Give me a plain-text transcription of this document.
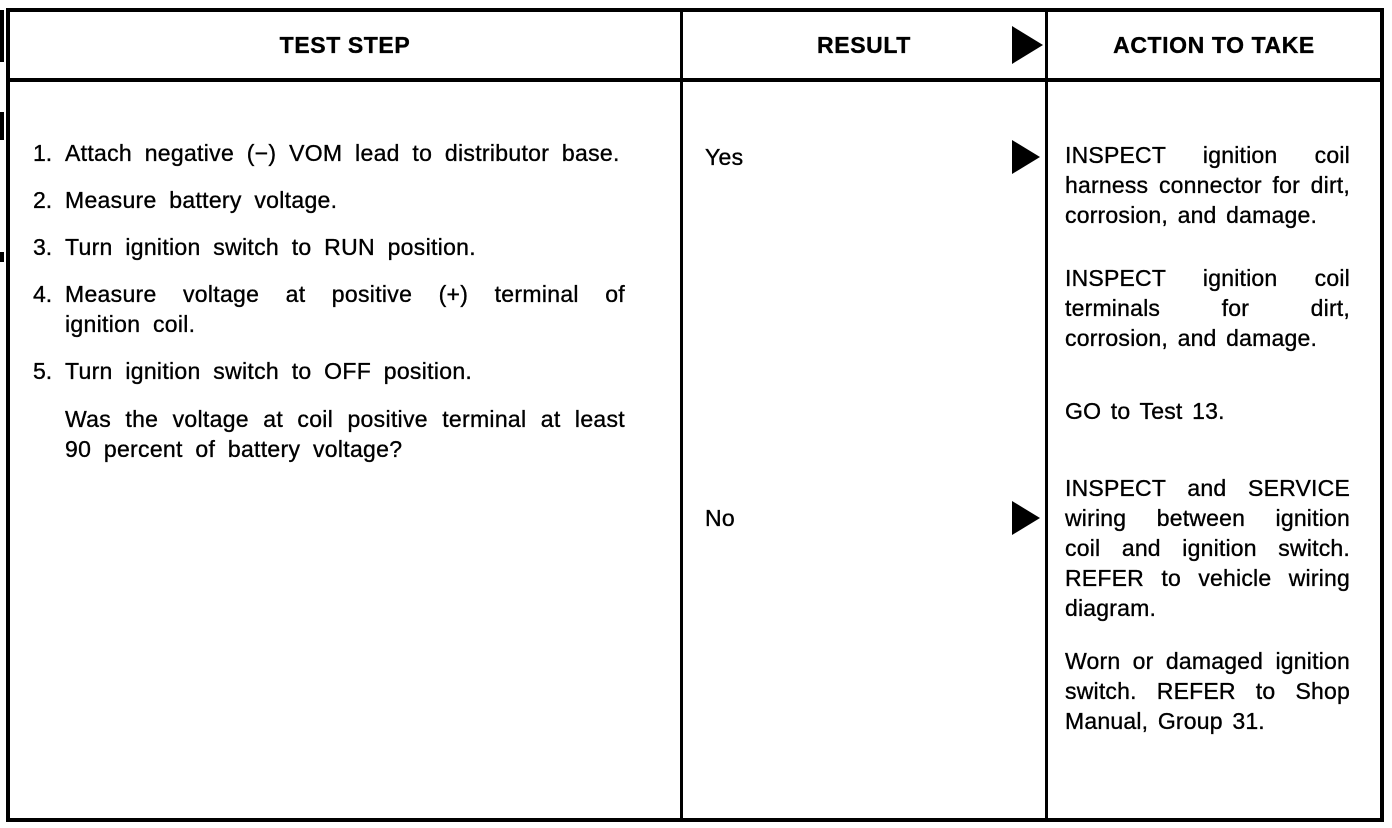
TEST STEP	RESULT	ACTION TO TAKE
1. Attach negative (−) VOM lead to distributor base.
2. Measure battery voltage.
3. Turn ignition switch to RUN position.
4. Measure voltage at positive (+) terminal of ignition coil.
5. Turn ignition switch to OFF position.

Was the voltage at coil positive terminal at least 90 percent of battery voltage?

Yes
No

INSPECT ignition coil harness connector for dirt, corrosion, and damage.

INSPECT ignition coil terminals for dirt, corrosion, and damage.

GO to Test 13.

INSPECT and SERVICE wiring between ignition coil and ignition switch. REFER to vehicle wiring diagram.

Worn or damaged ignition switch. REFER to Shop Manual, Group 31.
